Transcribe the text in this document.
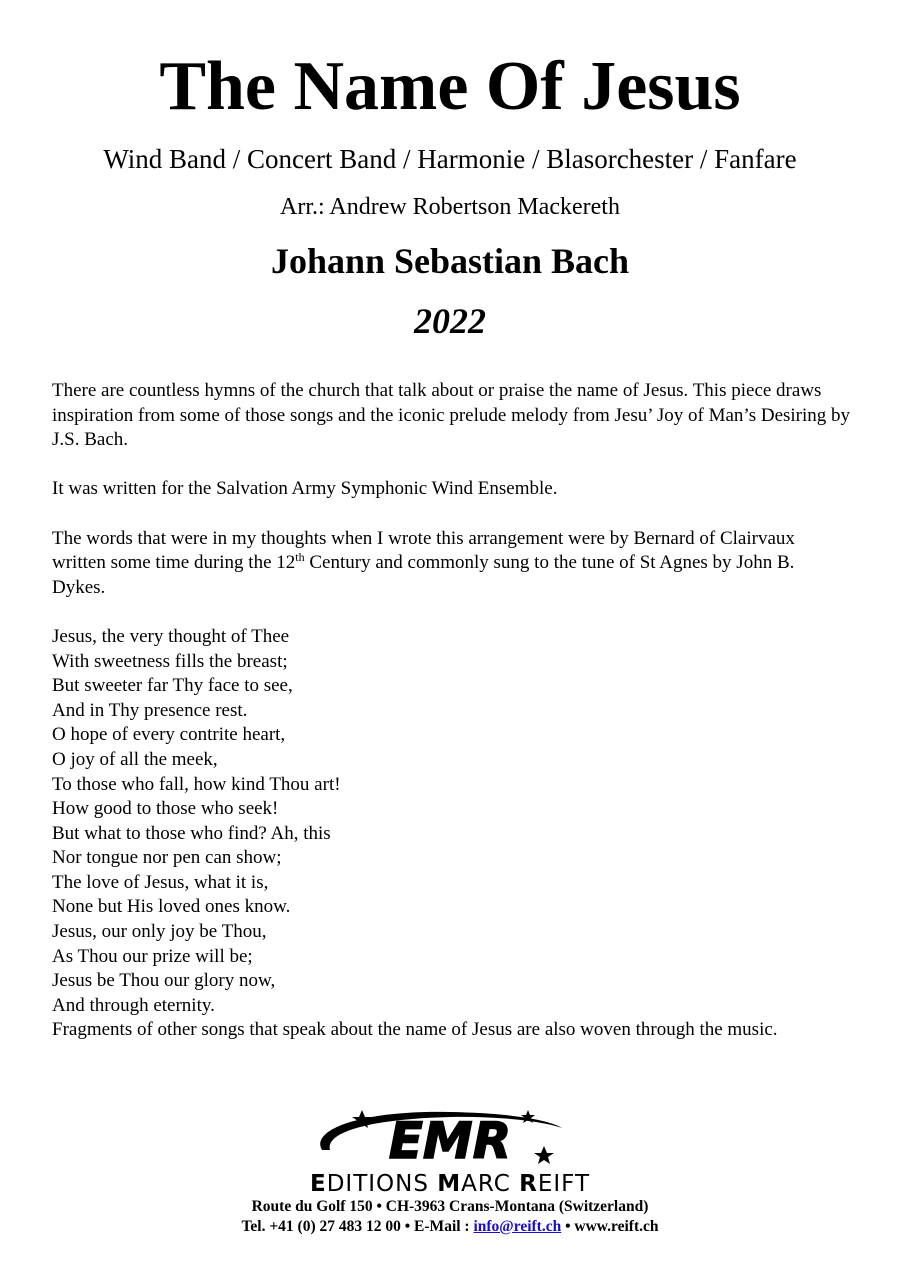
The Name Of Jesus
Wind Band / Concert Band / Harmonie / Blasorchester / Fanfare
Arr.: Andrew Robertson Mackereth
Johann Sebastian Bach
2022

There are countless hymns of the church that talk about or praise the name of Jesus. This piece draws inspiration from some of those songs and the iconic prelude melody from Jesu’ Joy of Man’s Desiring by J.S. Bach.

It was written for the Salvation Army Symphonic Wind Ensemble.

The words that were in my thoughts when I wrote this arrangement were by Bernard of Clairvaux written some time during the 12th Century and commonly sung to the tune of St Agnes by John B. Dykes.

Jesus, the very thought of Thee
With sweetness fills the breast;
But sweeter far Thy face to see,
And in Thy presence rest.
O hope of every contrite heart,
O joy of all the meek,
To those who fall, how kind Thou art!
How good to those who seek!
But what to those who find? Ah, this
Nor tongue nor pen can show;
The love of Jesus, what it is,
None but His loved ones know.
Jesus, our only joy be Thou,
As Thou our prize will be;
Jesus be Thou our glory now,
And through eternity.
Fragments of other songs that speak about the name of Jesus are also woven through the music.
EMR
EDITIONS MARC REIFT
Route du Golf 150 • CH-3963 Crans-Montana (Switzerland)
Tel. +41 (0) 27 483 12 00 • E-Mail : info@reift.ch • www.reift.ch
